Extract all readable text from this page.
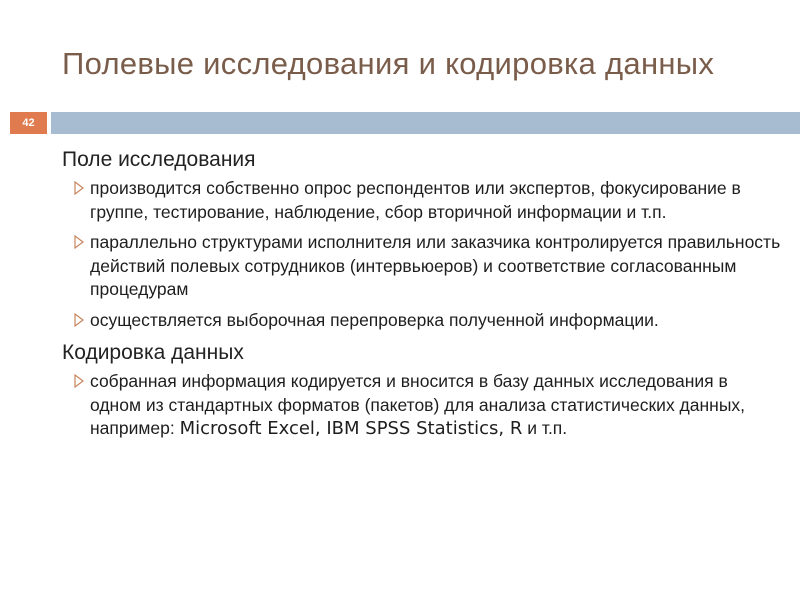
Полевые исследования и кодировка данных
42
Поле исследования
производится собственно опрос респондентов или экспертов, фокусирование в группе, тестирование, наблюдение, сбор вторичной информации и т.п.
параллельно структурами исполнителя или заказчика контролируется правильность действий полевых сотрудников (интервьюеров) и соответствие согласованным процедурам
осуществляется выборочная перепроверка полученной информации.
Кодировка данных
собранная информация кодируется и вносится в базу данных исследования в одном из стандартных форматов (пакетов) для анализа статистических данных, например: Microsoft Excel, IBM SPSS Statistics, R и т.п.
